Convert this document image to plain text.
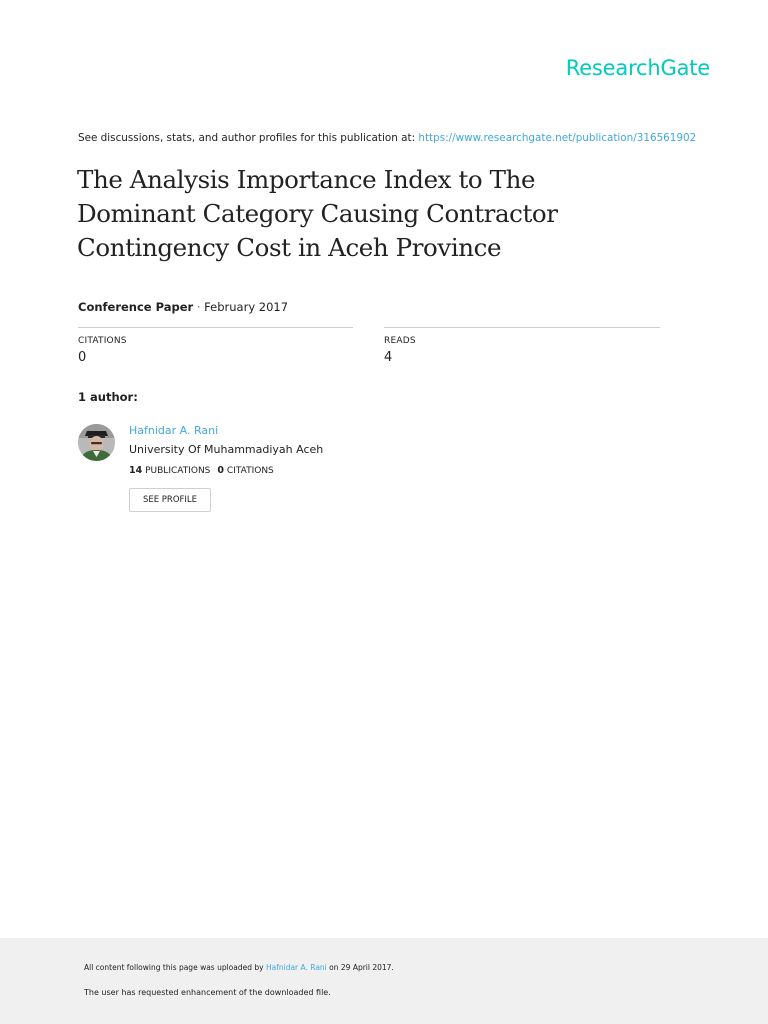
ResearchGate
See discussions, stats, and author profiles for this publication at: https://www.researchgate.net/publication/316561902
The Analysis Importance Index to The Dominant Category Causing Contractor Contingency Cost in Aceh Province
Conference Paper · February 2017
CITATIONS
0
READS
4
1 author:
Hafnidar A. Rani
University Of Muhammadiyah Aceh
14 PUBLICATIONS 0 CITATIONS
SEE PROFILE
All content following this page was uploaded by Hafnidar A. Rani on 29 April 2017.
The user has requested enhancement of the downloaded file.
